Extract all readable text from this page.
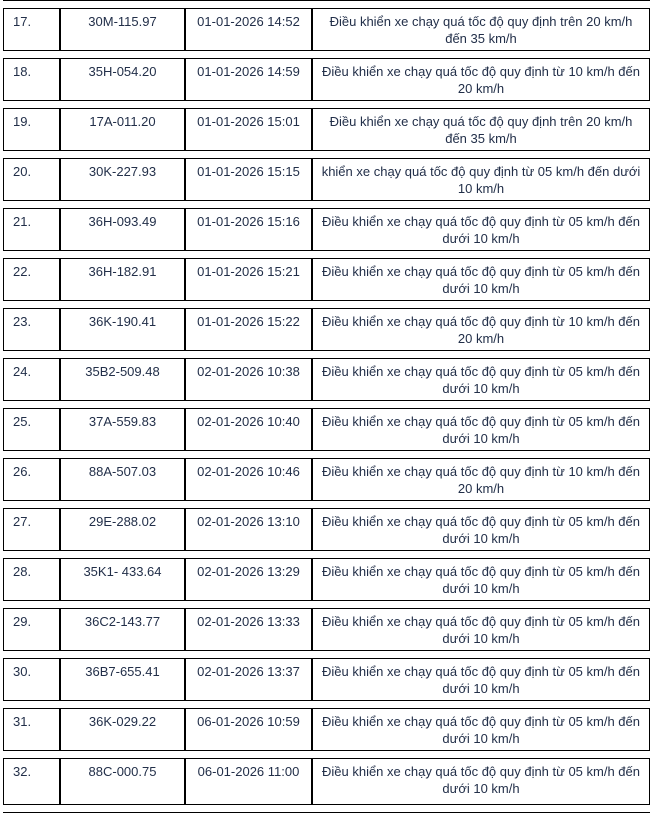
17.	30M-115.97	01-01-2026 14:52	Điều khiển xe chạy quá tốc độ quy định trên 20 km/h đến 35 km/h
18.	35H-054.20	01-01-2026 14:59	Điều khiển xe chạy quá tốc độ quy định từ 10 km/h đến 20 km/h
19.	17A-011.20	01-01-2026 15:01	Điều khiển xe chạy quá tốc độ quy định trên 20 km/h đến 35 km/h
20.	30K-227.93	01-01-2026 15:15	khiển xe chạy quá tốc độ quy định từ 05 km/h đến dưới 10 km/h
21.	36H-093.49	01-01-2026 15:16	Điều khiển xe chạy quá tốc độ quy định từ 05 km/h đến dưới 10 km/h
22.	36H-182.91	01-01-2026 15:21	Điều khiển xe chạy quá tốc độ quy định từ 05 km/h đến dưới 10 km/h
23.	36K-190.41	01-01-2026 15:22	Điều khiển xe chạy quá tốc độ quy định từ 10 km/h đến 20 km/h
24.	35B2-509.48	02-01-2026 10:38	Điều khiển xe chạy quá tốc độ quy định từ 05 km/h đến dưới 10 km/h
25.	37A-559.83	02-01-2026 10:40	Điều khiển xe chạy quá tốc độ quy định từ 05 km/h đến dưới 10 km/h
26.	88A-507.03	02-01-2026 10:46	Điều khiển xe chạy quá tốc độ quy định từ 10 km/h đến 20 km/h
27.	29E-288.02	02-01-2026 13:10	Điều khiển xe chạy quá tốc độ quy định từ 05 km/h đến dưới 10 km/h
28.	35K1- 433.64	02-01-2026 13:29	Điều khiển xe chạy quá tốc độ quy định từ 05 km/h đến dưới 10 km/h
29.	36C2-143.77	02-01-2026 13:33	Điều khiển xe chạy quá tốc độ quy định từ 05 km/h đến dưới 10 km/h
30.	36B7-655.41	02-01-2026 13:37	Điều khiển xe chạy quá tốc độ quy định từ 05 km/h đến dưới 10 km/h
31.	36K-029.22	06-01-2026 10:59	Điều khiển xe chạy quá tốc độ quy định từ 05 km/h đến dưới 10 km/h
32.	88C-000.75	06-01-2026 11:00	Điều khiển xe chạy quá tốc độ quy định từ 05 km/h đến dưới 10 km/h
